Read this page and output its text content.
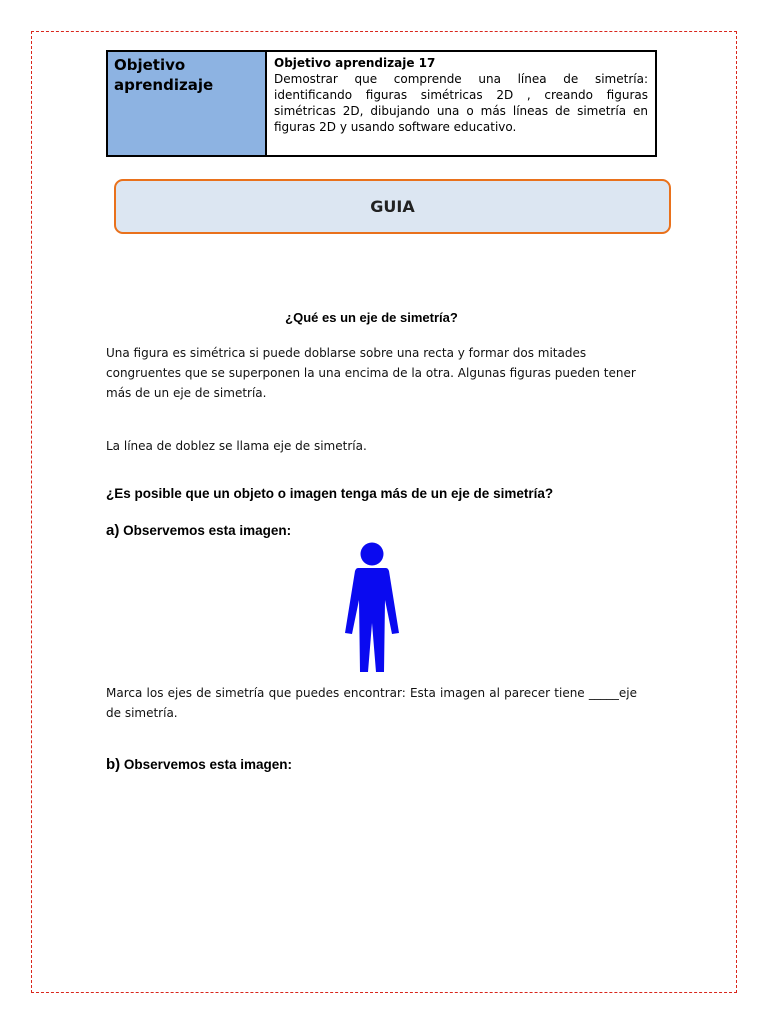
Objetivo aprendizaje
Objetivo aprendizaje 17
Demostrar que comprende una línea de simetría: identificando figuras simétricas 2D , creando figuras simétricas 2D, dibujando una o más líneas de simetría en figuras 2D y usando software educativo.
GUIA
¿Qué es un eje de simetría?
Una figura es simétrica si puede doblarse sobre una recta y formar dos mitades congruentes que se superponen la una encima de la otra. Algunas figuras pueden tener más de un eje de simetría.
La línea de doblez se llama eje de simetría.
¿Es posible que un objeto o imagen tenga más de un eje de simetría?
a) Observemos esta imagen:
Marca los ejes de simetría que puedes encontrar: Esta imagen al parecer tiene _____eje de simetría.
b) Observemos esta imagen:
